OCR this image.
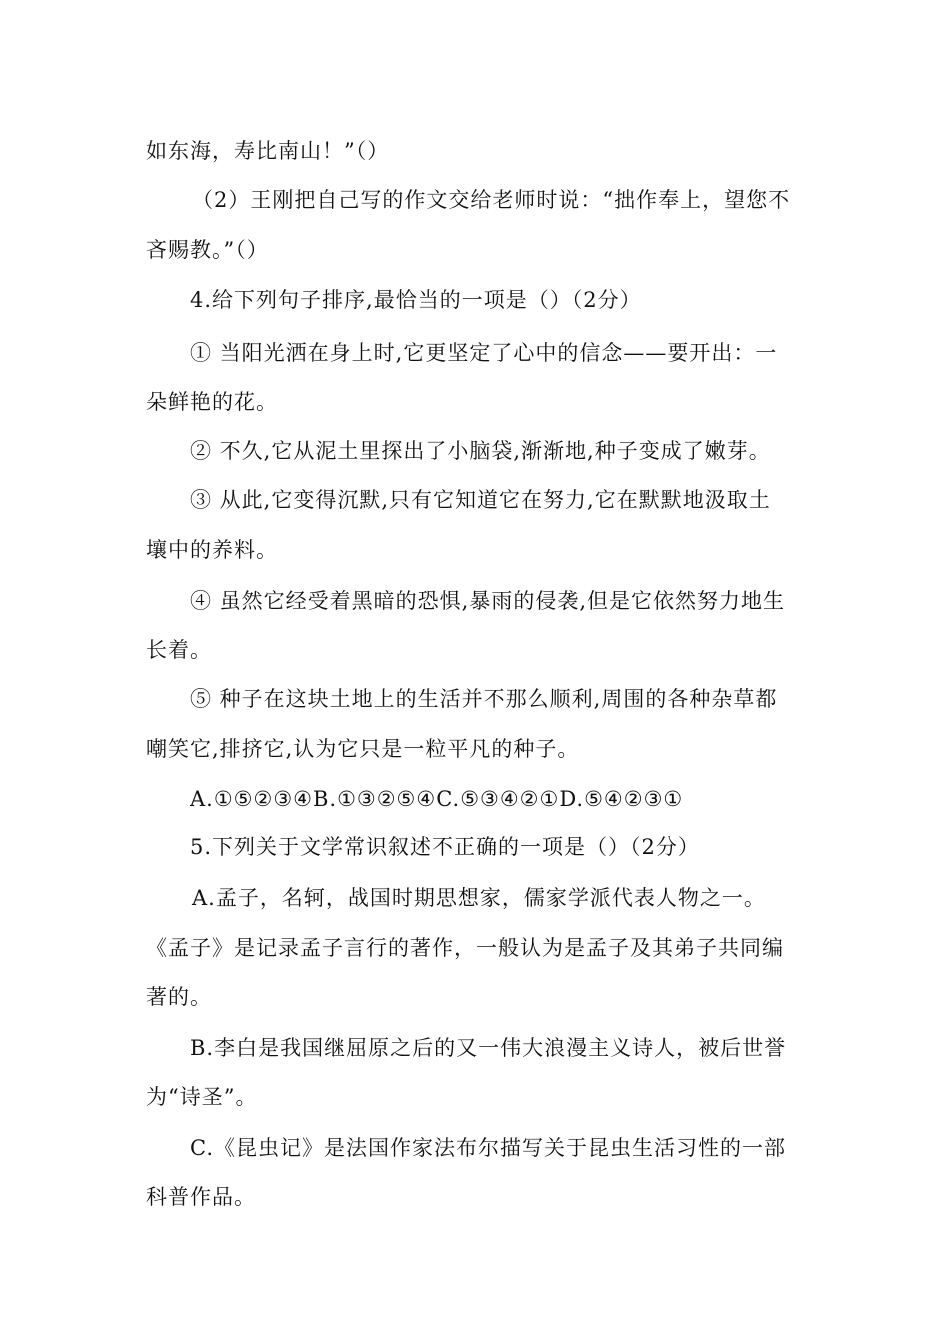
如东海，寿比南山！”（）
（2）王刚把自己写的作文交给老师时说：“拙作奉上，望您不
吝赐教。”（）
4.给下列句子排序,最恰当的一项是（）（2分）
① 当阳光洒在身上时,它更坚定了心中的信念——要开出：一
朵鲜艳的花。
② 不久,它从泥土里探出了小脑袋,渐渐地,种子变成了嫩芽。
③ 从此,它变得沉默,只有它知道它在努力,它在默默地汲取土
壤中的养料。
④ 虽然它经受着黑暗的恐惧,暴雨的侵袭,但是它依然努力地生
长着。
⑤ 种子在这块土地上的生活并不那么顺利,周围的各种杂草都
嘲笑它,排挤它,认为它只是一粒平凡的种子。
A.①⑤②③④B.①③②⑤④C.⑤③④②①D.⑤④②③①
5.下列关于文学常识叙述不正确的一项是（）（2分）
A.孟子，名轲，战国时期思想家，儒家学派代表人物之一。
《孟子》是记录孟子言行的著作，一般认为是孟子及其弟子共同编
著的。
B.李白是我国继屈原之后的又一伟大浪漫主义诗人，被后世誉
为“诗圣”。
C.《昆虫记》是法国作家法布尔描写关于昆虫生活习性的一部
科普作品。
